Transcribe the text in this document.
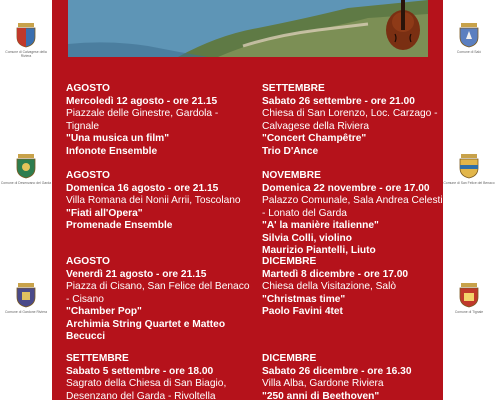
Comune di Calvagese della Riviera
Comune di Desenzano del Garda
Comune di Gardone Riviera
Comune di Salò
Comune di San Felice del Benaco
Comune di Tignale
AGOSTO
Mercoledì 12 agosto - ore 21.15
Piazzale delle Ginestre, Gardola - Tignale
"Una musica un film"
Infonote Ensemble
AGOSTO
Domenica 16 agosto - ore 21.15
Villa Romana dei Nonii Arrii, Toscolano
"Fiati all'Opera"
Promenade Ensemble
AGOSTO
Venerdì 21 agosto - ore 21.15
Piazza di Cisano, San Felice del Benaco - Cisano
"Chamber Pop"
Archimia String Quartet e Matteo Becucci
SETTEMBRE
Sabato 5 settembre - ore 18.00
Sagrato della Chiesa di San Biagio, Desenzano del Garda - Rivoltella
SETTEMBRE
Sabato 26 settembre - ore 21.00
Chiesa di San Lorenzo, Loc. Carzago - Calvagese della Riviera
"Concert Champêtre"
Trio D'Ance
NOVEMBRE
Domenica 22 novembre - ore 17.00
Palazzo Comunale, Sala Andrea Celesti - Lonato del Garda
"A' la manière italienne"
Silvia Colli, violino
Maurizio Piantelli, Liuto
DICEMBRE
Martedì 8 dicembre - ore 17.00
Chiesa della Visitazione, Salò
"Christmas time"
Paolo Favini 4tet
DICEMBRE
Sabato 26 dicembre - ore 16.30
Villa Alba, Gardone Riviera
"250 anni di Beethoven"
